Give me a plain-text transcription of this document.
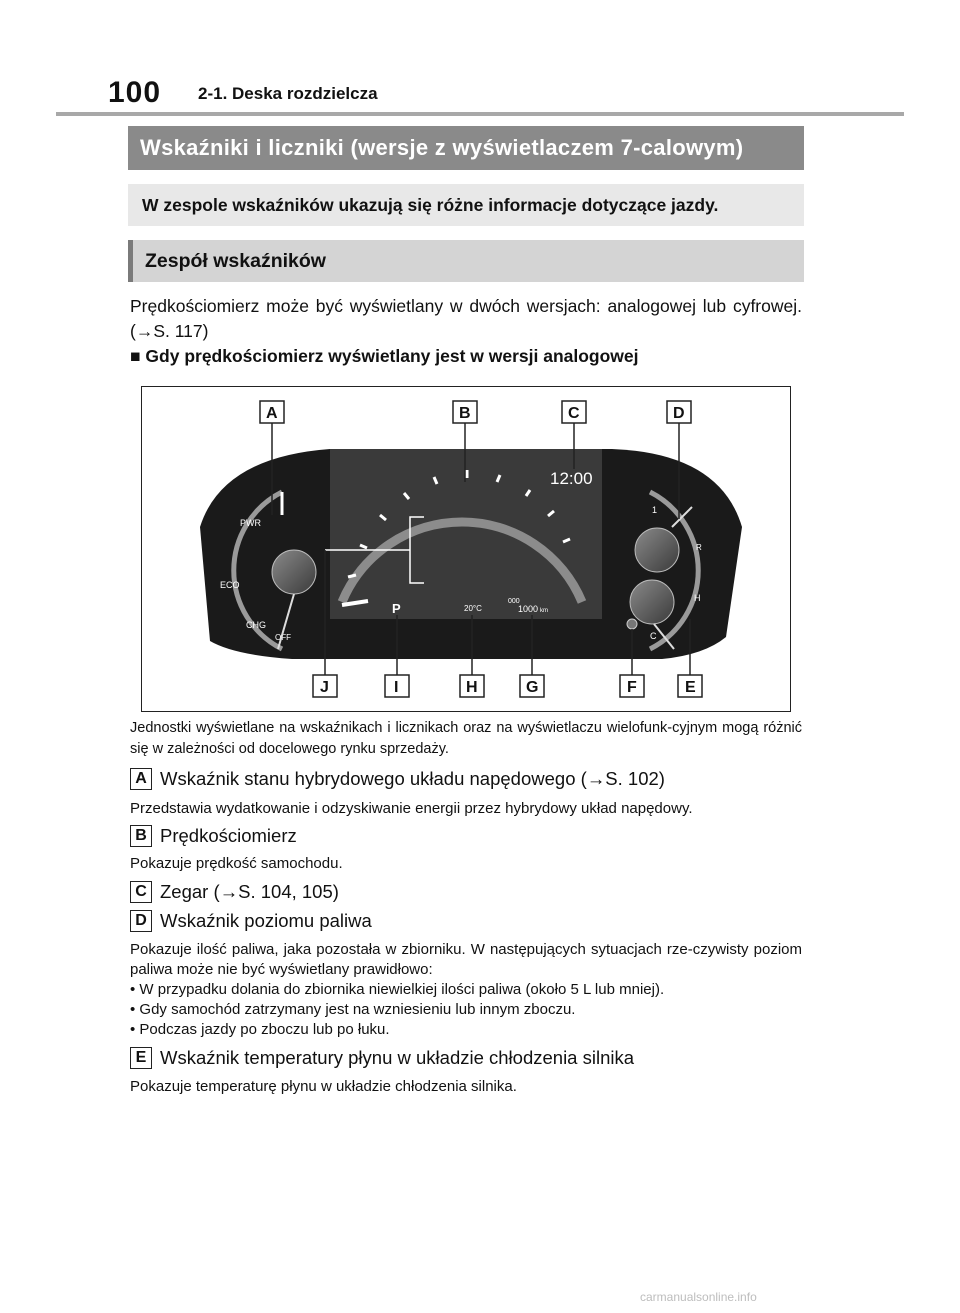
100 2-1. Deska rozdzielcza
Wskaźniki i liczniki (wersje z wyświetlaczem 7-calowym)
W zespole wskaźników ukazują się różne informacje dotyczące jazdy.
Zespół wskaźników
Prędkościomierz może być wyświetlany w dwóch wersjach: analogowej lub cyfrowej. (→S. 117)
■ Gdy prędkościomierz wyświetlany jest w wersji analogowej
PWR
ECO
CHG
OFF
12:00
P	20°C
000
1000 km
1
R
H
C
A	B	C	D
J	I	H	G	F	E
Jednostki wyświetlane na wskaźnikach i licznikach oraz na wyświetlaczu wielofunk-cyjnym mogą różnić się w zależności od docelowego rynku sprzedaży.
A Wskaźnik stanu hybrydowego układu napędowego (→S. 102)
Przedstawia wydatkowanie i odzyskiwanie energii przez hybrydowy układ napędowy.
B Prędkościomierz
Pokazuje prędkość samochodu.
C Zegar (→S. 104, 105)
D Wskaźnik poziomu paliwa
Pokazuje ilość paliwa, jaka pozostała w zbiorniku. W następujących sytuacjach rze-czywisty poziom paliwa może nie być wyświetlany prawidłowo:
• W przypadku dolania do zbiornika niewielkiej ilości paliwa (około 5 L lub mniej).
• Gdy samochód zatrzymany jest na wzniesieniu lub innym zboczu.
• Podczas jazdy po zboczu lub po łuku.
E Wskaźnik temperatury płynu w układzie chłodzenia silnika
Pokazuje temperaturę płynu w układzie chłodzenia silnika.
carmanualsonline.info
